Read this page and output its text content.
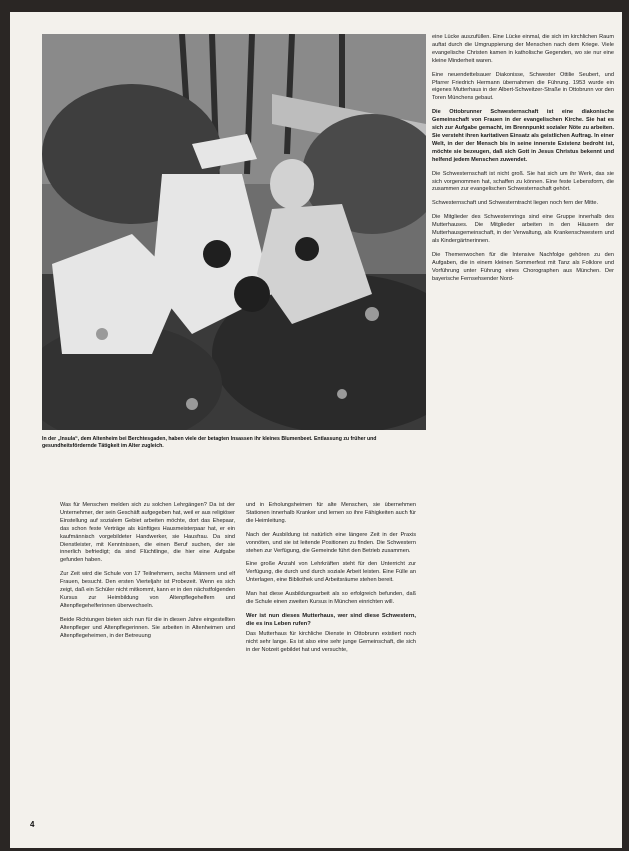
In der „Insula“, dem Altenheim bei Berchtesgaden, haben viele der betagten Insassen ihr kleines Blumenbeet. Entlassung zu früher und gesundheitsfördernde Tätigkeit im Alter zugleich.

Was für Menschen melden sich zu solchen Lehrgängen? Da ist der Unternehmer, der sein Geschäft aufgegeben hat, weil er aus religiöser Einstellung auf sozialem Gebiet arbeiten möchte, dort das Ehepaar, das schon feste Verträge als künftiges Hausmeisterpaar hat, er ein kaufmännisch vorgebildeter Handwerker, sie Hausfrau. Da sind Dienstleister, mit Kenntnissen, die einen Beruf suchen, der sie innerlich befriedigt; da sind Flüchtlinge, die hier eine Aufgabe gefunden haben.

Zur Zeit wird die Schule von 17 Teilnehmern, sechs Männern und elf Frauen, besucht. Den ersten Vierteljahr ist Probezeit. Wenn es sich zeigt, daß ein Schüler nicht mitkommt, kann er in den nächstfolgenden Kursus zur Heimbildung von Altenpflegehelfern und Altenpflegehelferinnen überwechseln.

Beide Richtungen bieten sich nun für die in diesen Jahre eingestellten Altenpfleger und Altenpflegerinnen. Sie arbeiten in Altenheimen und Altenpflegeheimen, in der Betreuung

und in Erholungsheimen für alte Menschen, sie übernehmen Stationen innerhalb Kranker und lernen so ihre Fähigkeiten auch für die Heimleitung.

Nach der Ausbildung ist natürlich eine längere Zeit in der Praxis vonnöten, und sie ist leitende Positionen zu finden. Die Schwestern stehen zur Verfügung, die Gemeinde führt den Betrieb zusammen.

Eine große Anzahl von Lehrkräften steht für den Unterricht zur Verfügung, die durch und durch soziale Arbeit leisten. Eine Fülle an Unterlagen, eine Bibliothek und Arbeitsräume stehen bereit.

Man hat diese Ausbildungsarbeit als so erfolgreich befunden, daß die Schule einen zweiten Kursus in München einrichten will.

Wer ist nun dieses Mutterhaus, wer sind diese Schwestern, die es ins Leben rufen?

Das Mutterhaus für kirchliche Dienste in Ottobrunn existiert noch nicht sehr lange. Es ist also eine sehr junge Gemeinschaft, die sich in der Notzeit gebildet hat und versuchte,

eine Lücke auszufüllen. Eine Lücke einmal, die sich im kirchlichen Raum auftat durch die Umgruppierung der Menschen nach dem Kriege. Viele evangelische Christen kamen in katholische Gegenden, wo sie nur eine kleine Minderheit waren.

Eine neuendettelsauer Diakonisse, Schwester Ottilie Seubert, und Pfarrer Friedrich Hermann übernahmen die Führung. 1953 wurde ein eigenes Mutterhaus in der Albert-Schweitzer-Straße in Ottobrunn vor den Toren Münchens gebaut.

Die Ottobrunner Schwesternschaft ist eine diakonische Gemeinschaft von Frauen in der evangelischen Kirche. Sie hat es sich zur Aufgabe gemacht, im Brennpunkt sozialer Nöte zu arbeiten. Sie versteht ihren karitativen Einsatz als geistlichen Auftrag. In einer Welt, in der der Mensch bis in seine innerste Existenz bedroht ist, möchte sie bezeugen, daß sich Gott in Jesus Christus bekennt und helfend jedem Menschen zuwendet.

Die Schwesternschaft ist nicht groß. Sie hat sich um ihr Werk, das sie sich vorgenommen hat, schaffen zu können. Eine feste Lebensform, die zusammen zur evangelischen Schwesternschaft gehört.

Schwesternschaft und Schwesterntracht liegen noch fern der Mitte.

Die Mitglieder des Schwesternrings sind eine Gruppe innerhalb des Mutterhauses. Die Mitglieder arbeiten in den Häusern der Mutterhausgemeinschaft, in der Verwaltung, als Krankenschwestern und als Kindergärtnerinnen.

Die Themenwochen für die Intensive Nachfolge gehören zu den Aufgaben, die in einem kleinen Sommerfest mit Tanz als Folklore und Vorführung unter Führung eines Chorographen aus München. Der bayerische Fernsehsender Nord-

4
